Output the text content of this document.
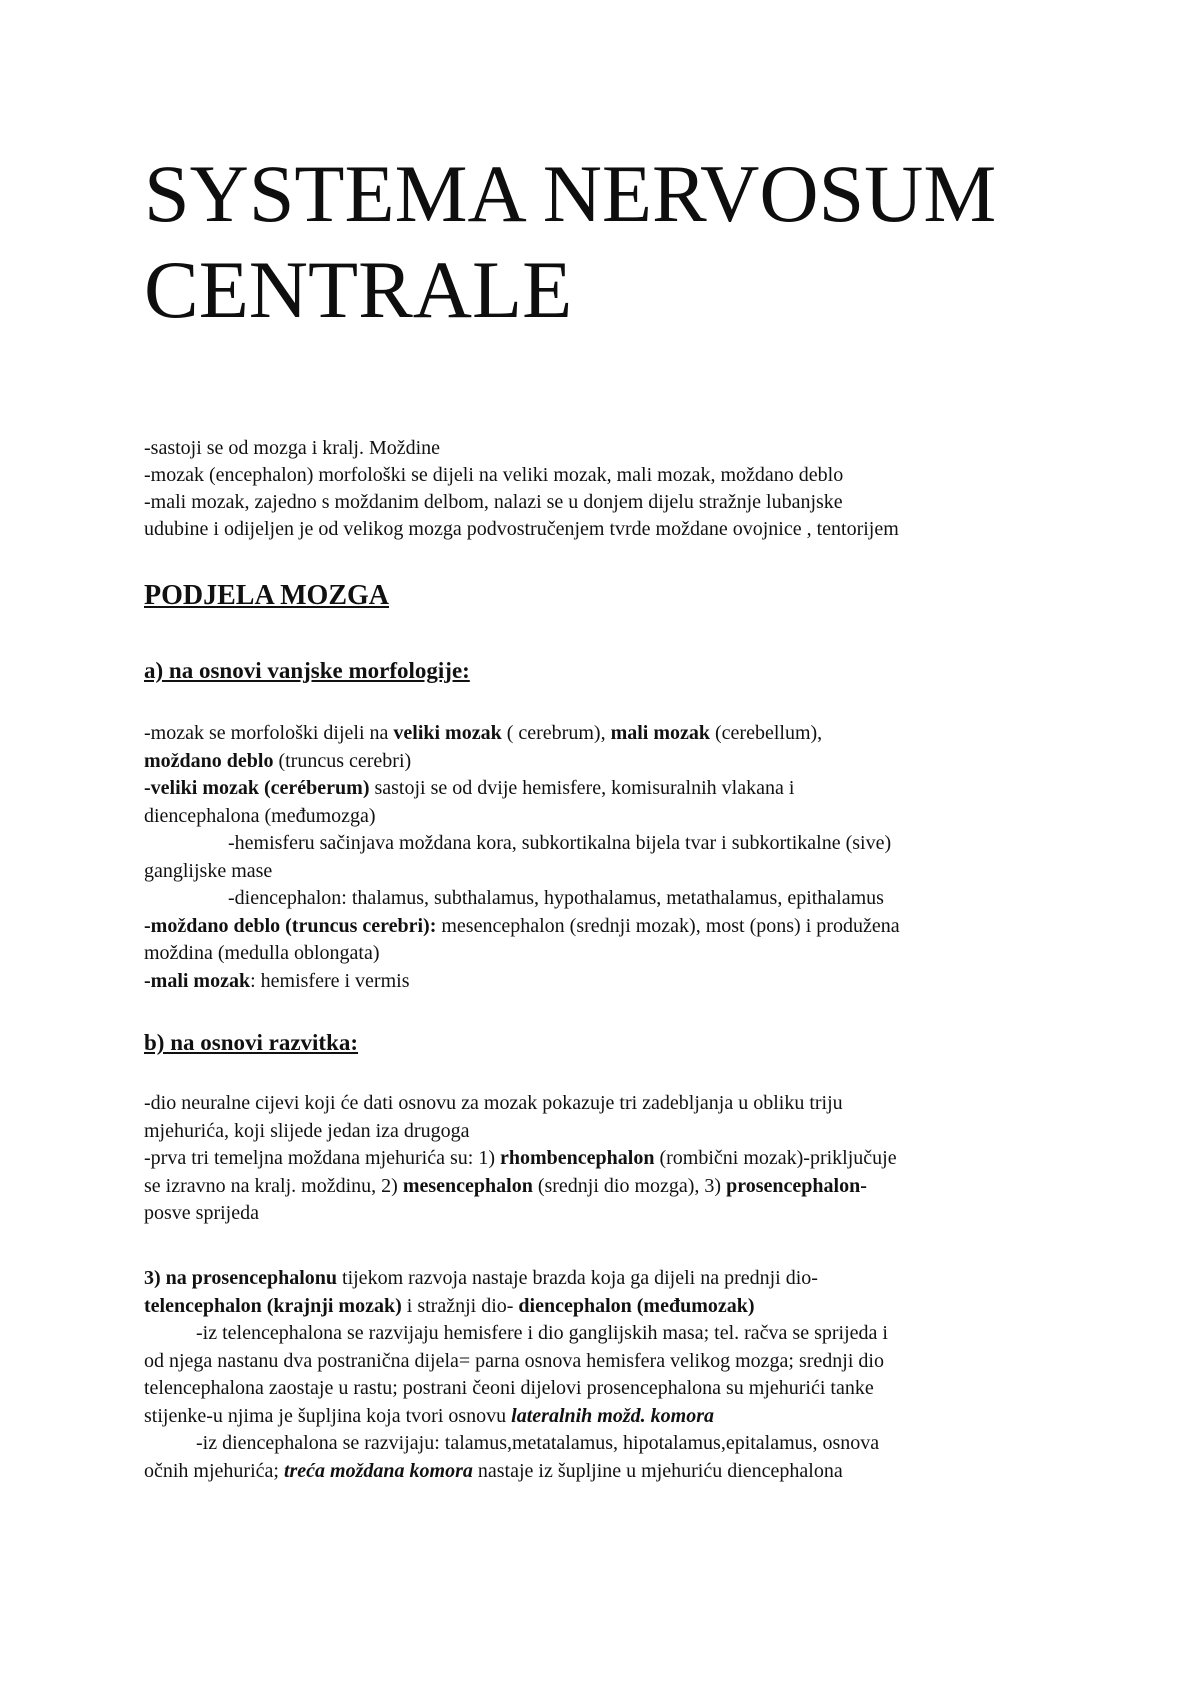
SYSTEMA NERVOSUM
CENTRALE
-sastoji se od mozga i kralj. Moždine
-mozak (encephalon) morfološki se dijeli na veliki mozak, mali mozak, moždano deblo
-mali mozak, zajedno s moždanim delbom, nalazi se u donjem dijelu stražnje lubanjske
udubine i odijeljen je od velikog mozga podvostručenjem tvrde moždane ovojnice , tentorijem
PODJELA MOZGA
a) na osnovi vanjske morfologije:
-mozak se morfološki dijeli na veliki mozak ( cerebrum), mali mozak (cerebellum),
moždano deblo (truncus cerebri)
-veliki mozak (ceréberum) sastoji se od dvije hemisfere, komisuralnih vlakana i
diencephalona (međumozga)
-hemisferu sačinjava moždana kora, subkortikalna bijela tvar i subkortikalne (sive)
ganglijske mase
-diencephalon: thalamus, subthalamus, hypothalamus, metathalamus, epithalamus
-moždano deblo (truncus cerebri): mesencephalon (srednji mozak), most (pons) i produžena
moždina (medulla oblongata)
-mali mozak: hemisfere i vermis
b) na osnovi razvitka:
-dio neuralne cijevi koji će dati osnovu za mozak pokazuje tri zadebljanja u obliku triju
mjehurića, koji slijede jedan iza drugoga
-prva tri temeljna moždana mjehurića su: 1) rhombencephalon (rombični mozak)-priključuje
se izravno na kralj. moždinu, 2) mesencephalon (srednji dio mozga), 3) prosencephalon-
posve sprijeda
3) na prosencephalonu tijekom razvoja nastaje brazda koja ga dijeli na prednji dio-
telencephalon (krajnji mozak) i stražnji dio- diencephalon (međumozak)
-iz telencephalona se razvijaju hemisfere i dio ganglijskih masa; tel. račva se sprijeda i
od njega nastanu dva postranična dijela= parna osnova hemisfera velikog mozga; srednji dio
telencephalona zaostaje u rastu; postrani čeoni dijelovi prosencephalona su mjehurići tanke
stijenke-u njima je šupljina koja tvori osnovu lateralnih možd. komora
-iz diencephalona se razvijaju: talamus,metatalamus, hipotalamus,epitalamus, osnova
očnih mjehurića; treća moždana komora nastaje iz šupljine u mjehuriću diencephalona
